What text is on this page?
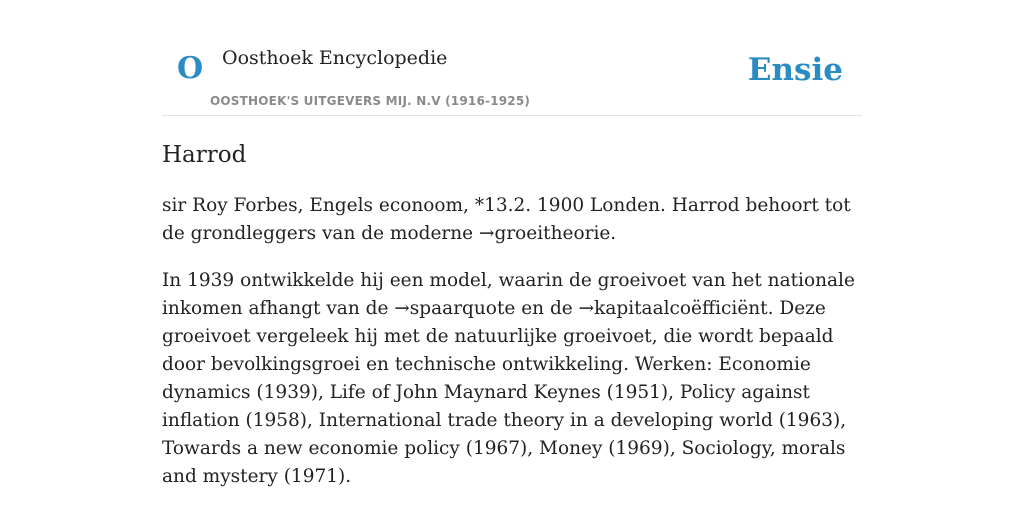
O Oosthoek Encyclopedie
OOSTHOEK'S UITGEVERS MIJ. N.V (1916-1925)
Ensie
Harrod

sir Roy Forbes, Engels econoom, *13.2. 1900 Londen. Harrod behoort tot de grondleggers van de moderne →groeitheorie.

In 1939 ontwikkelde hij een model, waarin de groeivoet van het nationale inkomen afhangt van de →spaarquote en de →kapitaalcoëfficiënt. Deze groeivoet vergeleek hij met de natuurlijke groeivoet, die wordt bepaald door bevolkingsgroei en technische ontwikkeling. Werken: Economie dynamics (1939), Life of John Maynard Keynes (1951), Policy against inflation (1958), International trade theory in a developing world (1963), Towards a new economie policy (1967), Money (1969), Sociology, morals and mystery (1971).
